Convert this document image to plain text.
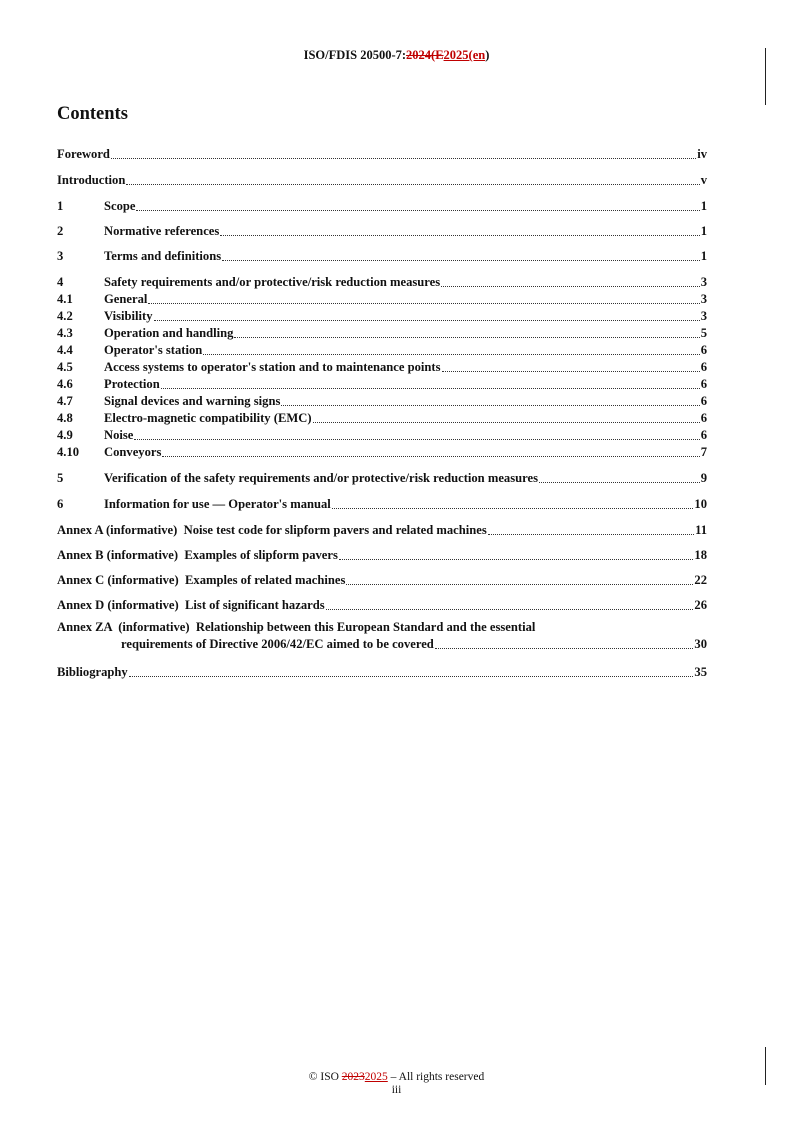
ISO/FDIS 20500-7:2024(E2025(en)
Contents
Foreword	iv
Introduction	v
1	Scope	1
2	Normative references	1
3	Terms and definitions	1
4	Safety requirements and/or protective/risk reduction measures	3
4.1	General	3
4.2	Visibility	3
4.3	Operation and handling	5
4.4	Operator's station	6
4.5	Access systems to operator's station and to maintenance points	6
4.6	Protection	6
4.7	Signal devices and warning signs	6
4.8	Electro-magnetic compatibility (EMC)	6
4.9	Noise	6
4.10	Conveyors	7
5	Verification of the safety requirements and/or protective/risk reduction measures	9
6	Information for use — Operator's manual	10
Annex A (informative)  Noise test code for slipform pavers and related machines	11
Annex B (informative)  Examples of slipform pavers	18
Annex C (informative)  Examples of related machines	22
Annex D (informative)  List of significant hazards	26
Annex ZA  (informative)  Relationship between this European Standard and the essential
requirements of Directive 2006/42/EC aimed to be covered	30
Bibliography	35
© ISO 20232025 – All rights reserved
iii
